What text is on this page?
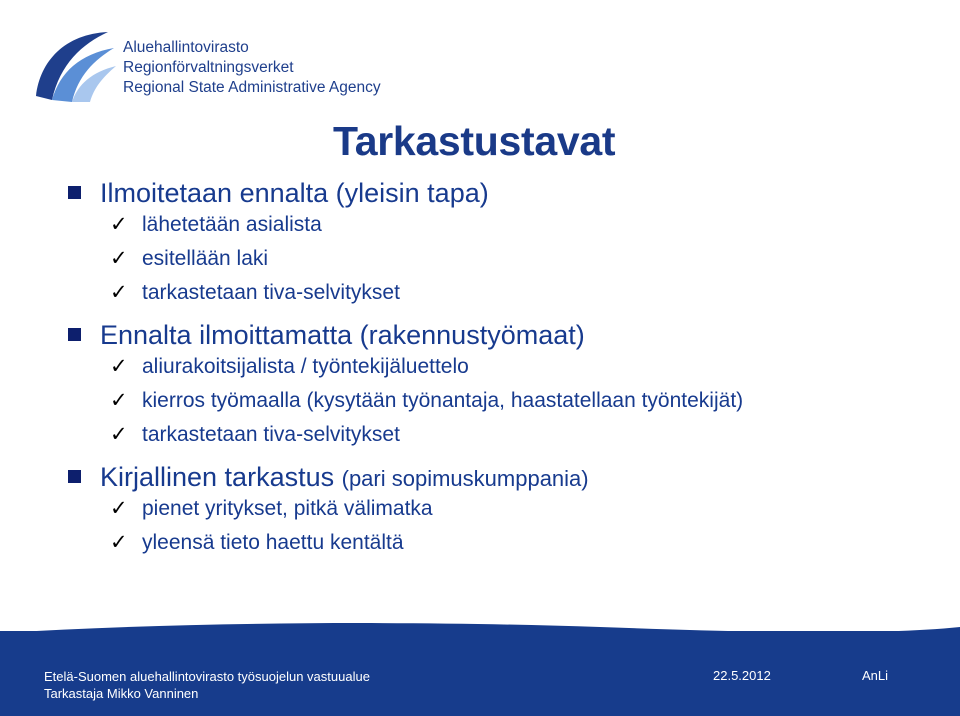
Aluehallintovirasto
Regionförvaltningsverket
Regional State Administrative Agency
Tarkastustavat
Ilmoitetaan ennalta (yleisin tapa)
✓ lähetetään asialista
✓ esitellään laki
✓ tarkastetaan tiva-selvitykset
Ennalta ilmoittamatta (rakennustyömaat)
✓ aliurakoitsijalista / työntekijäluettelo
✓ kierros työmaalla (kysytään työnantaja, haastatellaan työntekijät)
✓ tarkastetaan tiva-selvitykset
Kirjallinen tarkastus (pari sopimuskumppania)
✓ pienet yritykset, pitkä välimatka
✓ yleensä tieto haettu kentältä
Etelä-Suomen aluehallintovirasto työsuojelun vastuualue
Tarkastaja Mikko Vanninen
22.5.2012	AnLi
